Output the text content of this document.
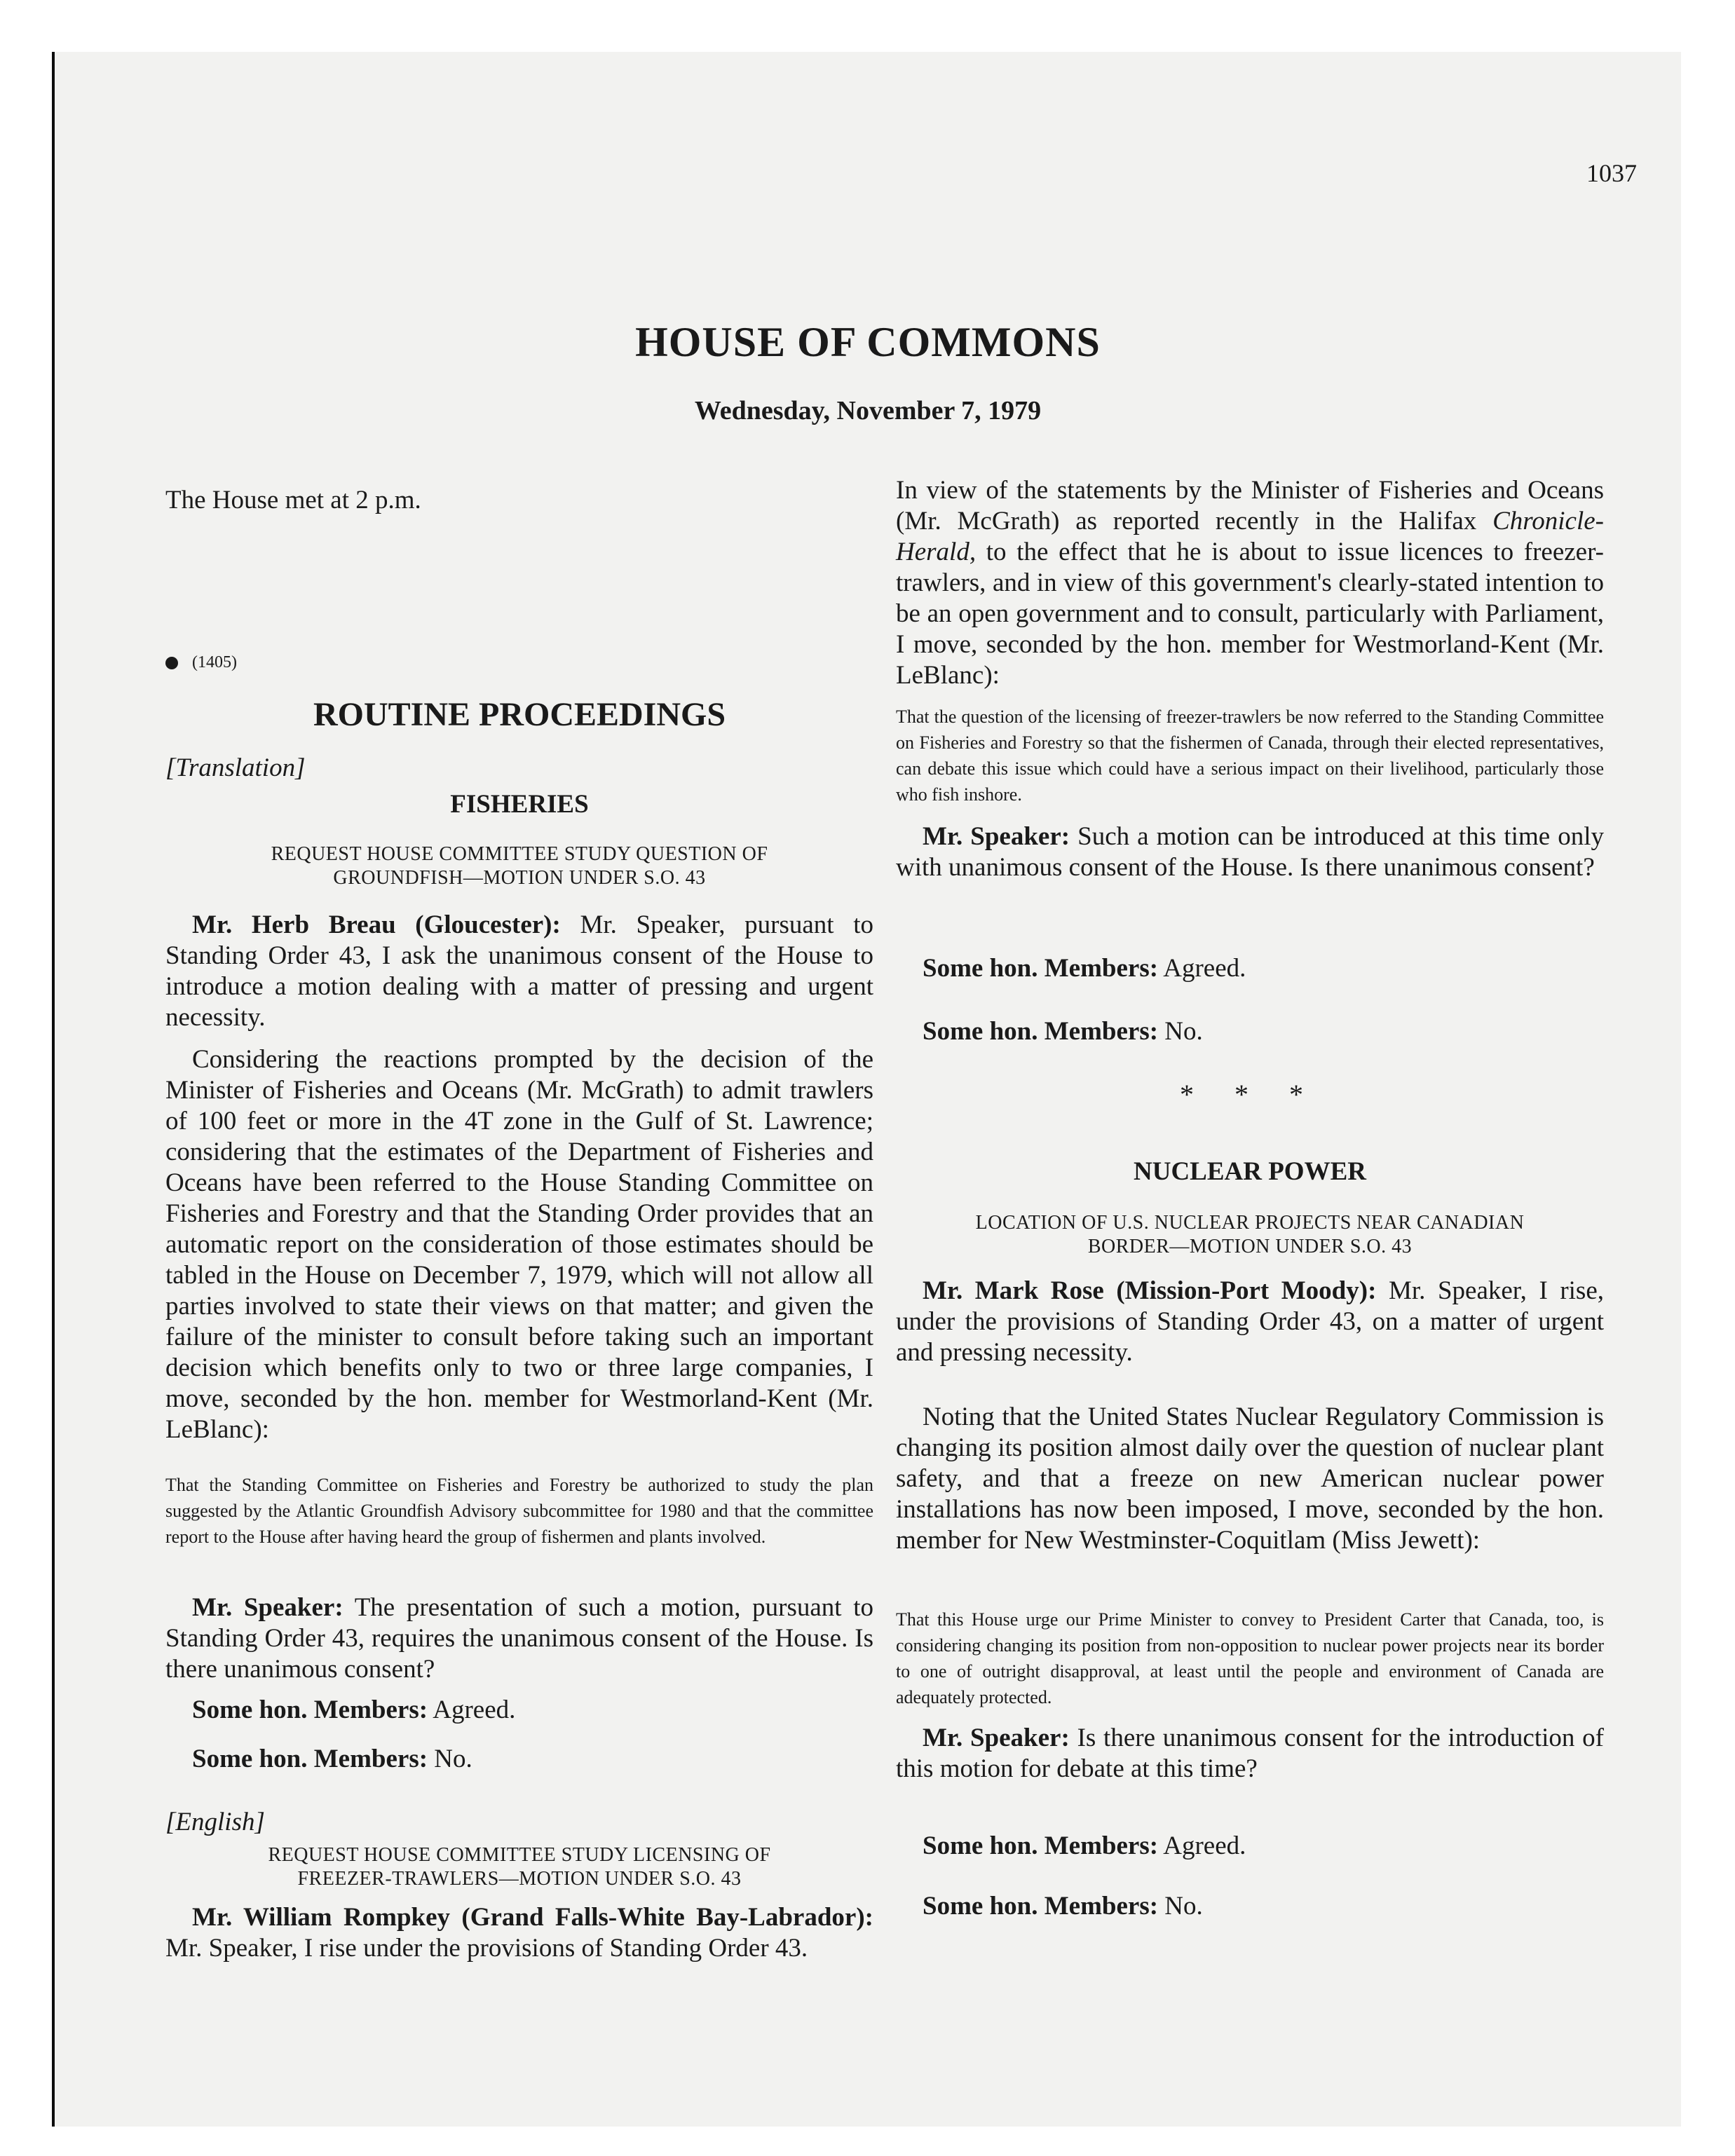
1037
HOUSE OF COMMONS
Wednesday, November 7, 1979

The House met at 2 p.m.

(1405)

ROUTINE PROCEEDINGS

[Translation]

FISHERIES

REQUEST HOUSE COMMITTEE STUDY QUESTION OF

GROUNDFISH—MOTION UNDER S.O. 43

Mr. Herb Breau (Gloucester): Mr. Speaker, pursuant to Standing Order 43, I ask the unanimous consent of the House to introduce a motion dealing with a matter of pressing and urgent necessity.

Considering the reactions prompted by the decision of the Minister of Fisheries and Oceans (Mr. McGrath) to admit trawlers of 100 feet or more in the 4T zone in the Gulf of St. Lawrence; considering that the estimates of the Department of Fisheries and Oceans have been referred to the House Standing Committee on Fisheries and Forestry and that the Standing Order provides that an automatic report on the consideration of those estimates should be tabled in the House on December 7, 1979, which will not allow all parties involved to state their views on that matter; and given the failure of the minister to consult before taking such an important decision which benefits only to two or three large companies, I move, seconded by the hon. member for Westmorland-Kent (Mr. LeBlanc):

That the Standing Committee on Fisheries and Forestry be authorized to study the plan suggested by the Atlantic Groundfish Advisory subcommittee for 1980 and that the committee report to the House after having heard the group of fishermen and plants involved.

Mr. Speaker: The presentation of such a motion, pursuant to Standing Order 43, requires the unanimous consent of the House. Is there unanimous consent?

Some hon. Members: Agreed.

Some hon. Members: No.

[English]

REQUEST HOUSE COMMITTEE STUDY LICENSING OF

FREEZER-TRAWLERS—MOTION UNDER S.O. 43

Mr. William Rompkey (Grand Falls-White Bay-Labrador): Mr. Speaker, I rise under the provisions of Standing Order 43.

In view of the statements by the Minister of Fisheries and Oceans (Mr. McGrath) as reported recently in the Halifax Chronicle-Herald, to the effect that he is about to issue licences to freezer-trawlers, and in view of this government's clearly-stated intention to be an open government and to consult, particularly with Parliament, I move, seconded by the hon. member for Westmorland-Kent (Mr. LeBlanc):

That the question of the licensing of freezer-trawlers be now referred to the Standing Committee on Fisheries and Forestry so that the fishermen of Canada, through their elected representatives, can debate this issue which could have a serious impact on their livelihood, particularly those who fish inshore.

Mr. Speaker: Such a motion can be introduced at this time only with unanimous consent of the House. Is there unanimous consent?

Some hon. Members: Agreed.

Some hon. Members: No.

* * *

NUCLEAR POWER

LOCATION OF U.S. NUCLEAR PROJECTS NEAR CANADIAN

BORDER—MOTION UNDER S.O. 43

Mr. Mark Rose (Mission-Port Moody): Mr. Speaker, I rise, under the provisions of Standing Order 43, on a matter of urgent and pressing necessity.

Noting that the United States Nuclear Regulatory Commission is changing its position almost daily over the question of nuclear plant safety, and that a freeze on new American nuclear power installations has now been imposed, I move, seconded by the hon. member for New Westminster-Coquitlam (Miss Jewett):

That this House urge our Prime Minister to convey to President Carter that Canada, too, is considering changing its position from non-opposition to nuclear power projects near its border to one of outright disapproval, at least until the people and environment of Canada are adequately protected.

Mr. Speaker: Is there unanimous consent for the introduction of this motion for debate at this time?

Some hon. Members: Agreed.

Some hon. Members: No.
